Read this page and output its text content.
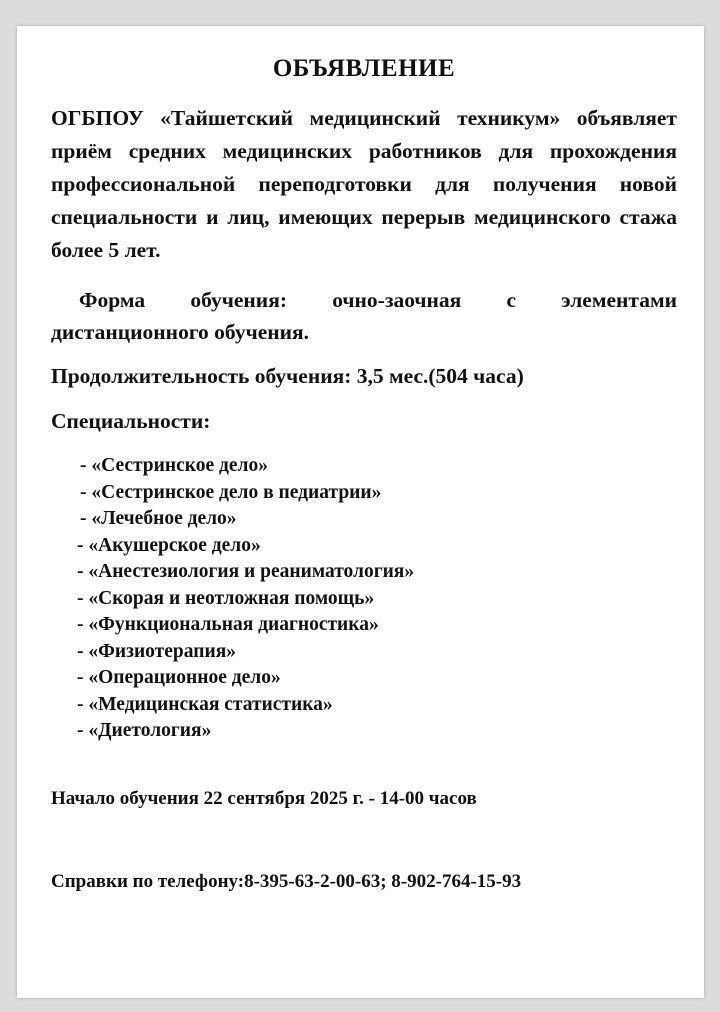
ОБЪЯВЛЕНИЕ
ОГБПОУ «Тайшетский медицинский техникум» объявляет приём средних медицинских работников для прохождения профессиональной переподготовки для получения новой специальности и лиц, имеющих перерыв медицинского стажа более 5 лет.
Форма обучения: очно-заочная с элементами дистанционного обучения.
Продолжительность обучения: 3,5 мес.(504 часа)
Специальности:
- «Сестринское дело»
- «Сестринское дело в педиатрии»
- «Лечебное дело»
- «Акушерское дело»
- «Анестезиология и реаниматология»
- «Скорая и неотложная помощь»
- «Функциональная диагностика»
- «Физиотерапия»
- «Операционное дело»
- «Медицинская статистика»
- «Диетология»
Начало обучения 22 сентября 2025 г. - 14-00 часов
Справки по телефону:8-395-63-2-00-63; 8-902-764-15-93
